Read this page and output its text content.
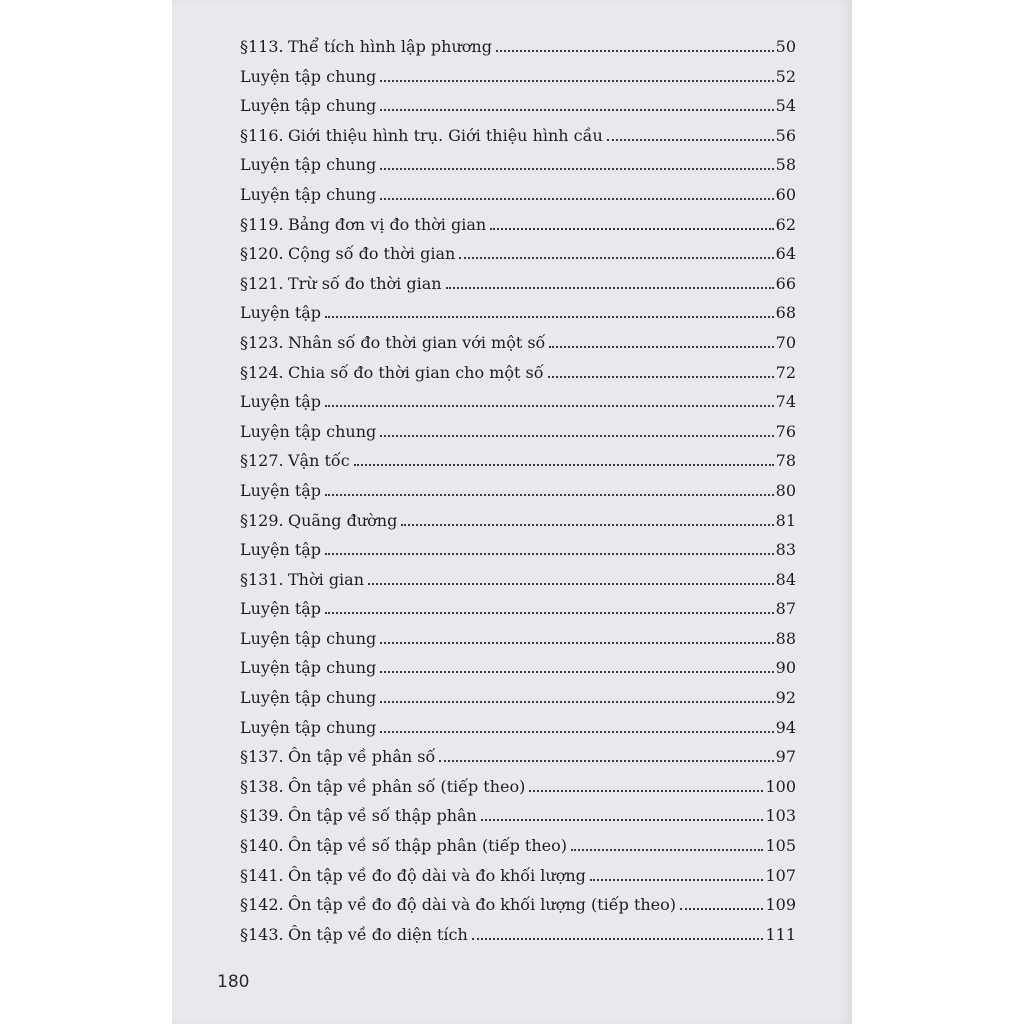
§113. Thể tích hình lập phương	50
Luyện tập chung	52
Luyện tập chung	54
§116. Giới thiệu hình trụ. Giới thiệu hình cầu	56
Luyện tập chung	58
Luyện tập chung	60
§119. Bảng đơn vị đo thời gian	62
§120. Cộng số đo thời gian	64
§121. Trừ số đo thời gian	66
Luyện tập	68
§123. Nhân số đo thời gian với một số	70
§124. Chia số đo thời gian cho một số	72
Luyện tập	74
Luyện tập chung	76
§127. Vận tốc	78
Luyện tập	80
§129. Quãng đường	81
Luyện tập	83
§131. Thời gian	84
Luyện tập	87
Luyện tập chung	88
Luyện tập chung	90
Luyện tập chung	92
Luyện tập chung	94
§137. Ôn tập về phân số	97
§138. Ôn tập về phân số (tiếp theo)	100
§139. Ôn tập về số thập phân	103
§140. Ôn tập về số thập phân (tiếp theo)	105
§141. Ôn tập về đo độ dài và đo khối lượng	107
§142. Ôn tập về đo độ dài và đo khối lượng (tiếp theo)	109
§143. Ôn tập về đo diện tích	111
180
